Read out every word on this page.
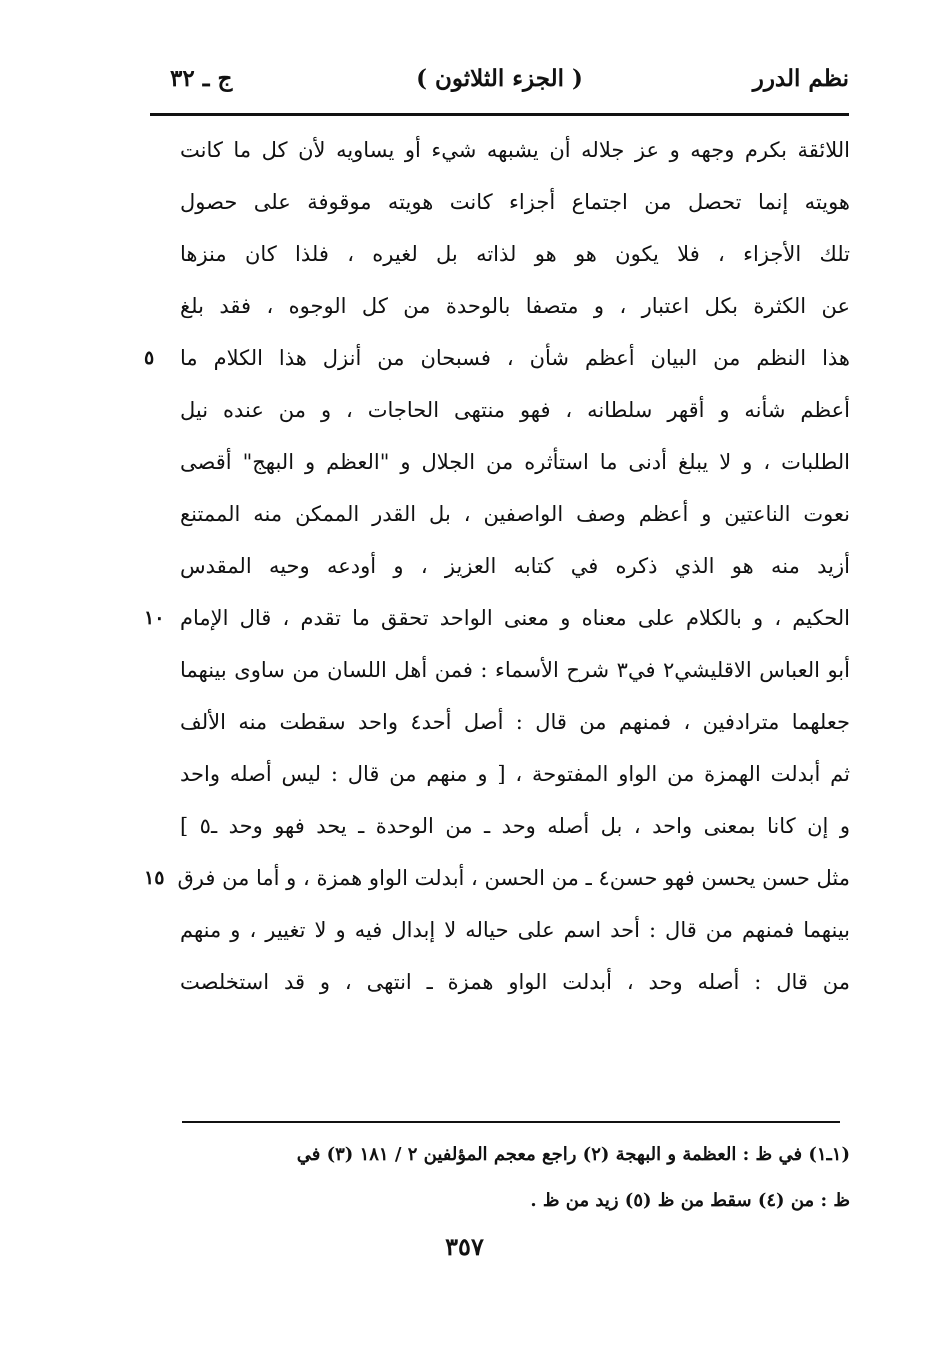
نظم الدرر
( الجزء الثلاثون )
ج ـ ٣٢
اللائقة بكرم وجهه و عز جلاله أن يشبهه شيء أو يساويه لأن كل ما كانت
هويته إنما تحصل من اجتماع أجزاء كانت هويته موقوفة على حصول
تلك الأجزاء ، فلا يكون هو هو لذاته بل لغيره ، فلذا كان منزها
عن الكثرة بكل اعتبار ، و متصفا بالوحدة من كل الوجوه ، فقد بلغ
هذا النظم من البيان أعظم شأن ، فسبحان من أنزل هذا الكلام ما
٥
أعظم شأنه و أقهر سلطانه ، فهو منتهى الحاجات ، و من عنده نيل
الطلبات ، و لا يبلغ أدنى ما استأثره من الجلال و "العظم و البهج" أقصى
نعوت الناعتين و أعظم وصف الواصفين ، بل القدر الممكن منه الممتنع
أزيد منه هو الذي ذكره في كتابه العزيز ، و أودعه وحيه المقدس
الحكيم ، و بالكلام على معناه و معنى الواحد تحقق ما تقدم ، قال الإمام
١٠
أبو العباس الاقليشي٢ في٣ شرح الأسماء : فمن أهل اللسان من ساوى بينهما
جعلهما مترادفين ، فمنهم من قال : أصل أحد٤ واحد سقطت منه الألف
ثم أبدلت الهمزة من الواو المفتوحة ، [ و منهم من قال : ليس أصله واحد
و إن كانا بمعنى واحد ، بل أصله وحد ـ من الوحدة ـ يحد فهو وحد ـ٥ ]
مثل حسن يحسن فهو حسن٤ ـ من الحسن ، أبدلت الواو همزة ، و أما من فرق
١٥
بينهما فمنهم من قال : أحد اسم على حياله لا إبدال فيه و لا تغيير ، و منهم
من قال : أصله وحد ، أبدلت الواو همزة ـ انتهى ، و قد استخلصت
(١ـ١) في ظ : العظمة و البهجة (٢) راجع معجم المؤلفين ٢ / ١٨١ (٣) في
ظ : من (٤) سقط من ظ (٥) زيد من ظ .
٣٥٧
